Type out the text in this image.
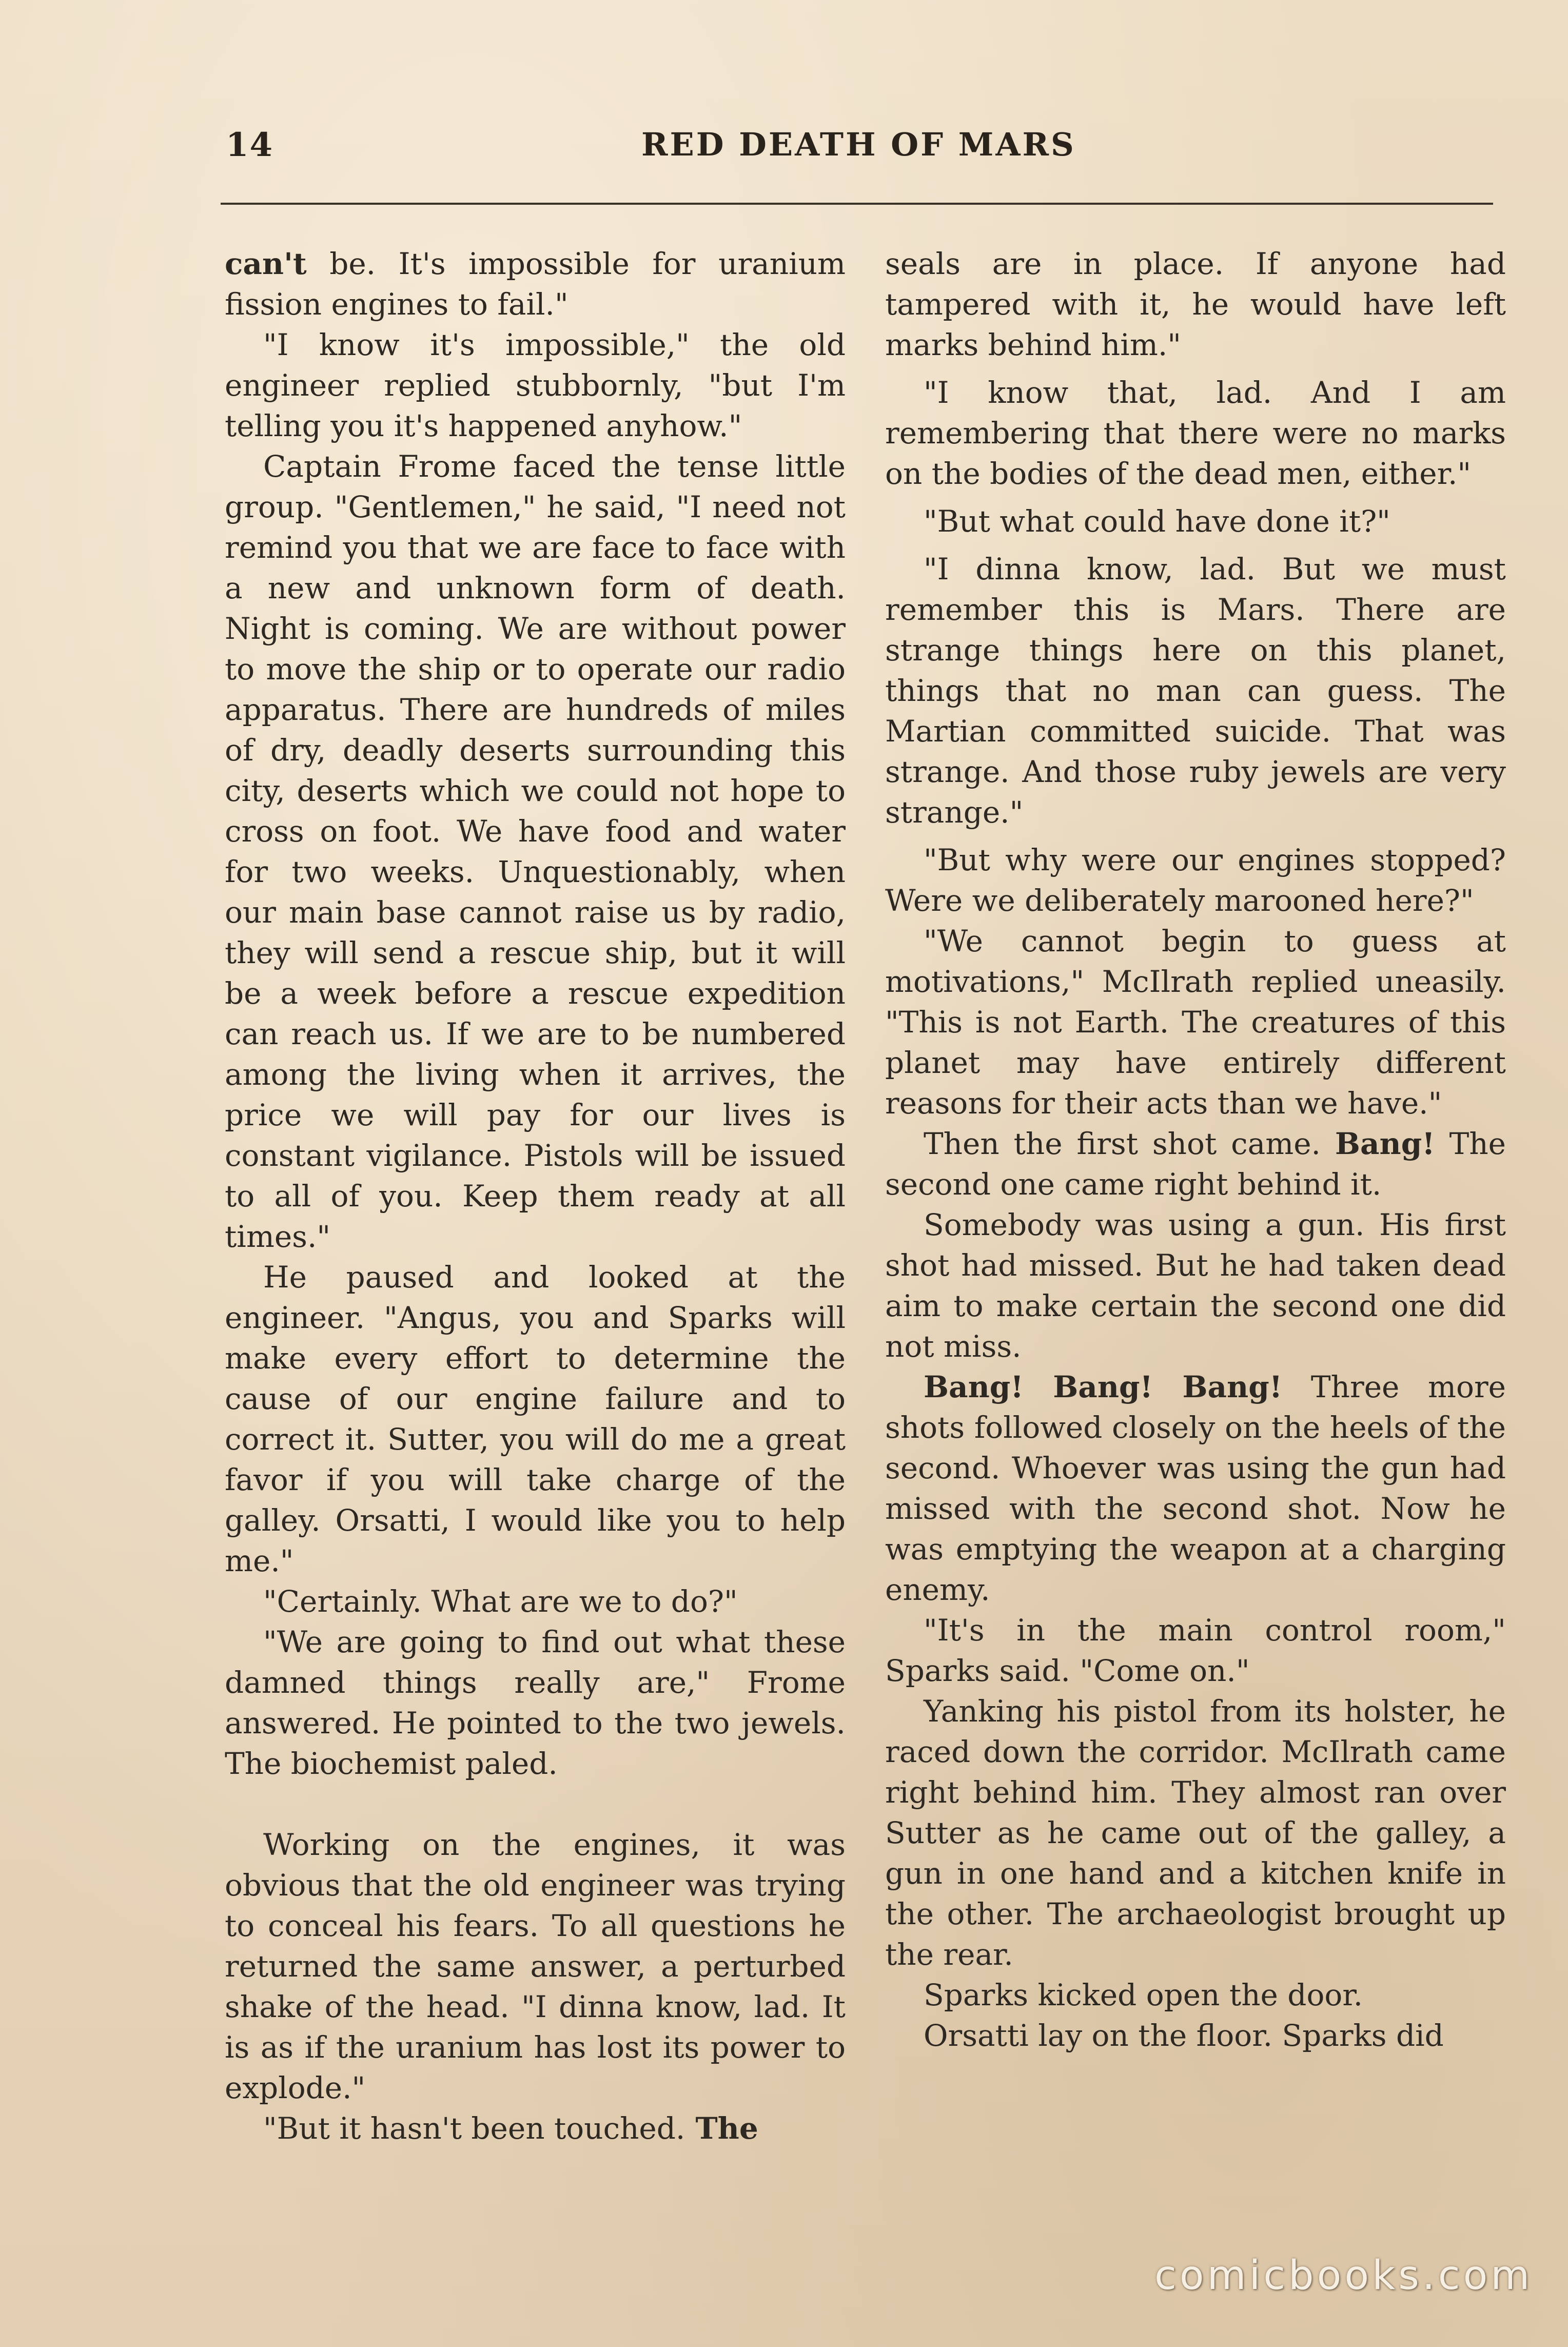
14	RED DEATH OF MARS

can't be. It's impossible for uranium fission engines to fail."

"I know it's impossible," the old engineer replied stubbornly, "but I'm telling you it's happened anyhow."

Captain Frome faced the tense little group. "Gentlemen," he said, "I need not remind you that we are face to face with a new and unknown form of death. Night is coming. We are without power to move the ship or to operate our radio apparatus. There are hundreds of miles of dry, deadly deserts surrounding this city, deserts which we could not hope to cross on foot. We have food and water for two weeks. Unquestionably, when our main base cannot raise us by radio, they will send a rescue ship, but it will be a week before a rescue expedition can reach us. If we are to be numbered among the living when it arrives, the price we will pay for our lives is constant vigilance. Pistols will be issued to all of you. Keep them ready at all times."

He paused and looked at the engineer. "Angus, you and Sparks will make every effort to determine the cause of our engine failure and to correct it. Sutter, you will do me a great favor if you will take charge of the galley. Orsatti, I would like you to help me."

"Certainly. What are we to do?"

"We are going to find out what these damned things really are," Frome answered. He pointed to the two jewels. The biochemist paled.

Working on the engines, it was obvious that the old engineer was trying to conceal his fears. To all questions he returned the same answer, a perturbed shake of the head. "I dinna know, lad. It is as if the uranium has lost its power to explode."

"But it hasn't been touched. The

seals are in place. If anyone had tampered with it, he would have left marks behind him."

"I know that, lad. And I am remembering that there were no marks on the bodies of the dead men, either."

"But what could have done it?"

"I dinna know, lad. But we must remember this is Mars. There are strange things here on this planet, things that no man can guess. The Martian committed suicide. That was strange. And those ruby jewels are very strange."

"But why were our engines stopped? Were we deliberately marooned here?"

"We cannot begin to guess at motivations," McIlrath replied uneasily. "This is not Earth. The creatures of this planet may have entirely different reasons for their acts than we have."

Then the first shot came. Bang! The second one came right behind it.

Somebody was using a gun. His first shot had missed. But he had taken dead aim to make certain the second one did not miss.

Bang! Bang! Bang! Three more shots followed closely on the heels of the second. Whoever was using the gun had missed with the second shot. Now he was emptying the weapon at a charging enemy.

"It's in the main control room," Sparks said. "Come on."

Yanking his pistol from its holster, he raced down the corridor. McIlrath came right behind him. They almost ran over Sutter as he came out of the galley, a gun in one hand and a kitchen knife in the other. The archaeologist brought up the rear.

Sparks kicked open the door.

Orsatti lay on the floor. Sparks did

comicbooks.com
